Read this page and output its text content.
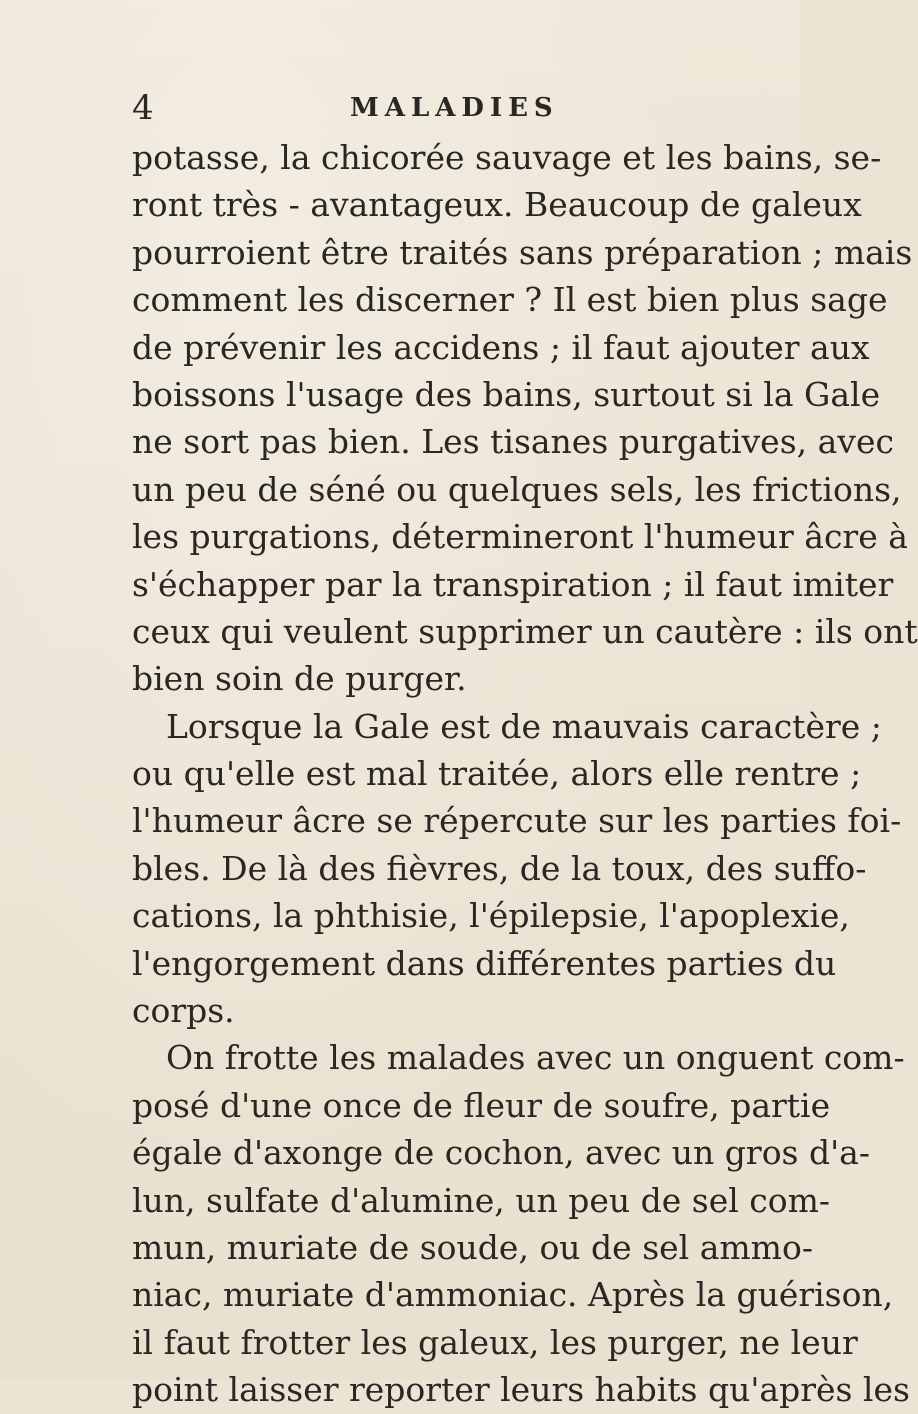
4	MALADIES
potasse, la chicorée sauvage et les bains, se-
ront très - avantageux. Beaucoup de galeux
pourroient être traités sans préparation ; mais
comment les discerner ? Il est bien plus sage
de prévenir les accidens ; il faut ajouter aux
boissons l'usage des bains, surtout si la Gale
ne sort pas bien. Les tisanes purgatives, avec
un peu de séné ou quelques sels, les frictions,
les purgations, détermineront l'humeur âcre à
s'échapper par la transpiration ; il faut imiter
ceux qui veulent supprimer un cautère : ils ont
bien soin de purger.
Lorsque la Gale est de mauvais caractère ;
ou qu'elle est mal traitée, alors elle rentre ;
l'humeur âcre se répercute sur les parties foi-
bles. De là des fièvres, de la toux, des suffo-
cations, la phthisie, l'épilepsie, l'apoplexie,
l'engorgement dans différentes parties du
corps.
On frotte les malades avec un onguent com-
posé d'une once de fleur de soufre, partie
égale d'axonge de cochon, avec un gros d'a-
lun, sulfate d'alumine, un peu de sel com-
mun, muriate de soude, ou de sel ammo-
niac, muriate d'ammoniac. Après la guérison,
il faut frotter les galeux, les purger, ne leur
point laisser reporter leurs habits qu'après les
